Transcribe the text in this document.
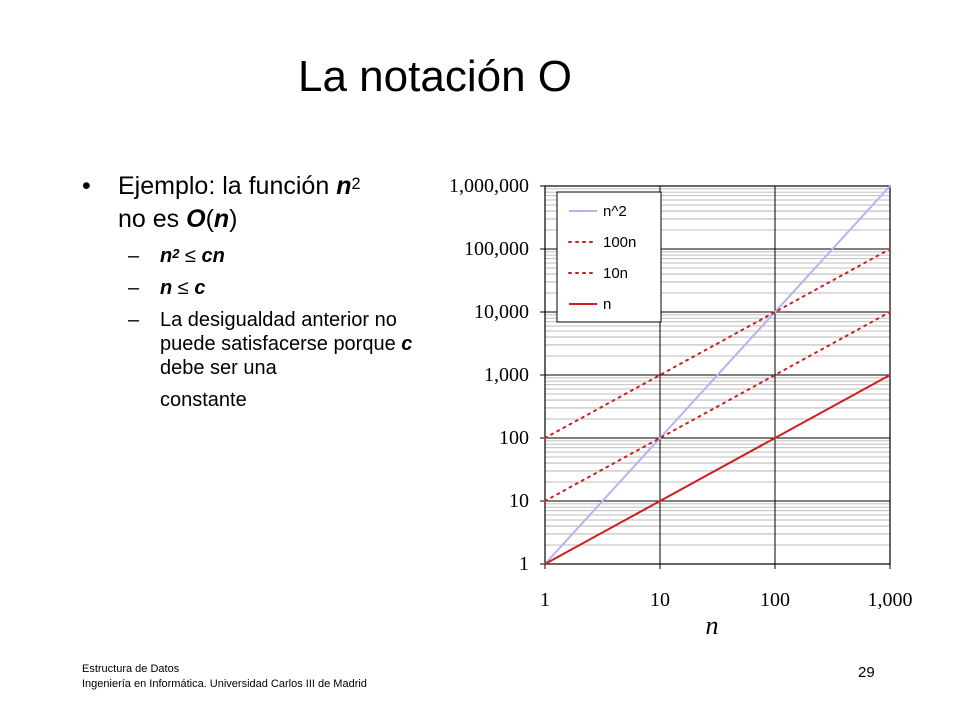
La notación O
• Ejemplo: la función $n^2$
no es O(n)
– $n^2$ ≤ cn
– n ≤ c
– La desigualdad anterior no puede satisfacerse porque c debe ser una
constante
1
10
100
1,000
10,000
100,000
1,000,000
1	10	100	1,000
n
n^2
100n
10n
n
Estructura de Datos
Ingeniería en Informática. Universidad Carlos III de Madrid
29
